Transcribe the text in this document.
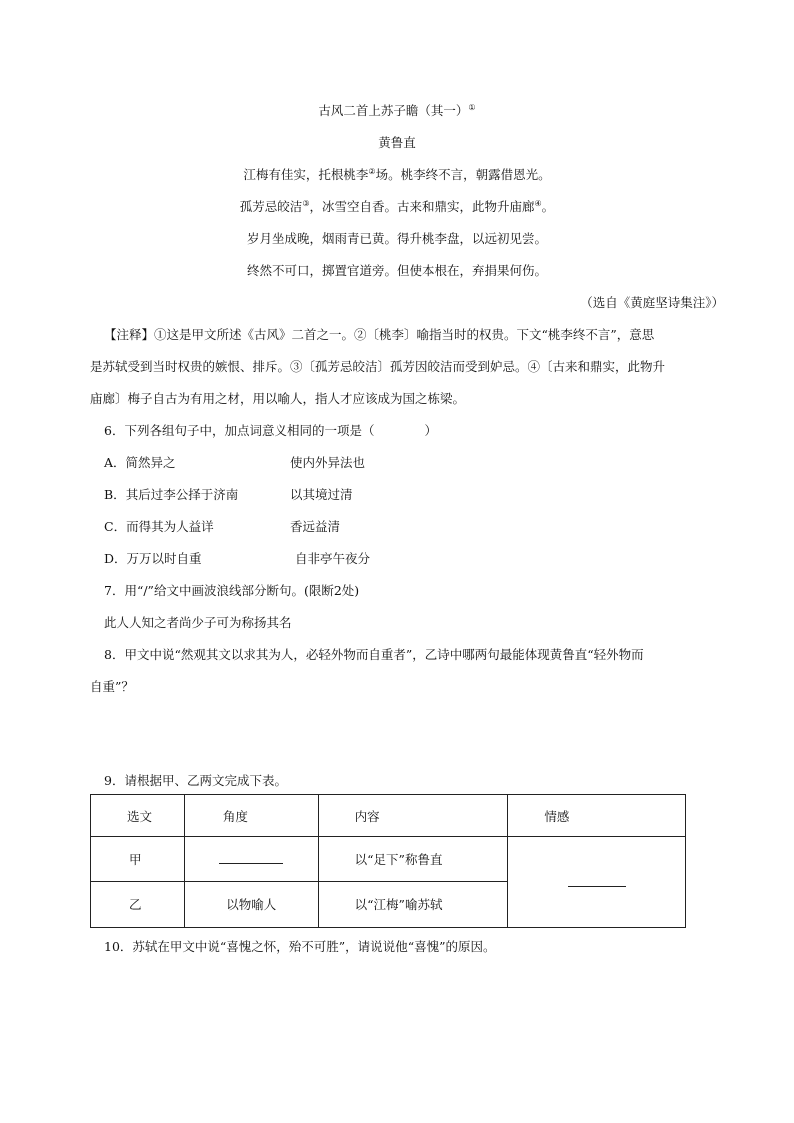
古风二首上苏子瞻（其一）①
黄鲁直
江梅有佳实，托根桃李②场。桃李终不言，朝露借恩光。
孤芳忌皎洁③，冰雪空自香。古来和鼎实，此物升庙廊④。
岁月坐成晚，烟雨青已黄。得升桃李盘，以远初见尝。
终然不可口，掷置官道旁。但使本根在，弃捐果何伤。
（选自《黄庭坚诗集注》）
【注释】①这是甲文所述《古风》二首之一。②〔桃李〕喻指当时的权贵。下文“桃李终不言”，意思
是苏轼受到当时权贵的嫉恨、排斥。③〔孤芳忌皎洁〕孤芳因皎洁而受到妒忌。④〔古来和鼎实，此物升
庙廊〕梅子自古为有用之材，用以喻人，指人才应该成为国之栋梁。
6．下列各组句子中，加点词意义相同的一项是（　　　　）
A．简然异之	使内外异法也
B．其后过李公择于济南	以其境过清
C．而得其为人益详	香远益清
D．万万以时自重	自非亭午夜分
7．用“/”给文中画波浪线部分断句。(限断2处)
此人人知之者尚少子可为称扬其名
8．甲文中说“然观其文以求其为人，必轻外物而自重者”，乙诗中哪两句最能体现黄鲁直“轻外物而
自重”？
9．请根据甲、乙两文完成下表。
选文	角度	内容	情感
甲		以“足下”称鲁直	
乙	以物喻人	以“江梅”喻苏轼	
10．苏轼在甲文中说“喜愧之怀，殆不可胜”，请说说他“喜愧”的原因。
